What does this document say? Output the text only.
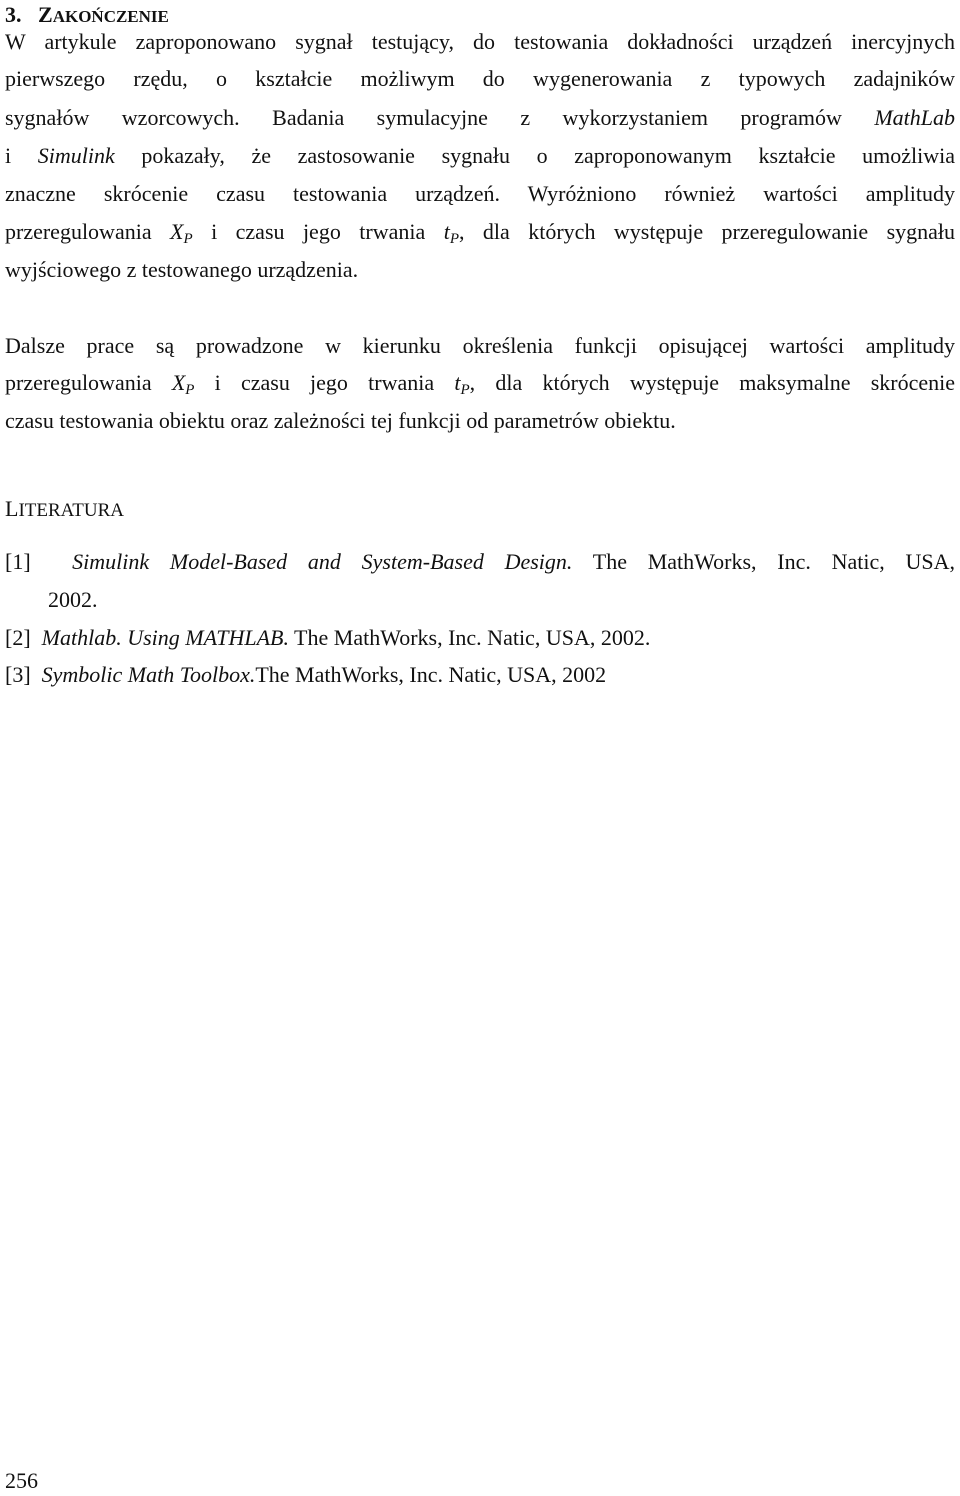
3. ZAKOŃCZENIE
W artykule zaproponowano sygnał testujący, do testowania dokładności urządzeń inercyjnych
pierwszego rzędu, o kształcie możliwym do wygenerowania z typowych zadajników
sygnałów wzorcowych. Badania symulacyjne z wykorzystaniem programów MathLab
i Simulink pokazały, że zastosowanie sygnału o zaproponowanym kształcie umożliwia
znaczne skrócenie czasu testowania urządzeń. Wyróżniono również wartości amplitudy
przeregulowania $X_P$ i czasu jego trwania $t_P$, dla których występuje przeregulowanie sygnału
wyjściowego z testowanego urządzenia.
Dalsze prace są prowadzone w kierunku określenia funkcji opisującej wartości amplitudy
przeregulowania $X_P$ i czasu jego trwania $t_P$, dla których występuje maksymalne skrócenie
czasu testowania obiektu oraz zależności tej funkcji od parametrów obiektu.
LITERATURA
[1]  Simulink Model-Based and System-Based Design. The MathWorks, Inc. Natic, USA,
2002.
[2]  Mathlab. Using MATHLAB. The MathWorks, Inc. Natic, USA, 2002.
[3]  Symbolic Math Toolbox.The MathWorks, Inc. Natic, USA, 2002
256
